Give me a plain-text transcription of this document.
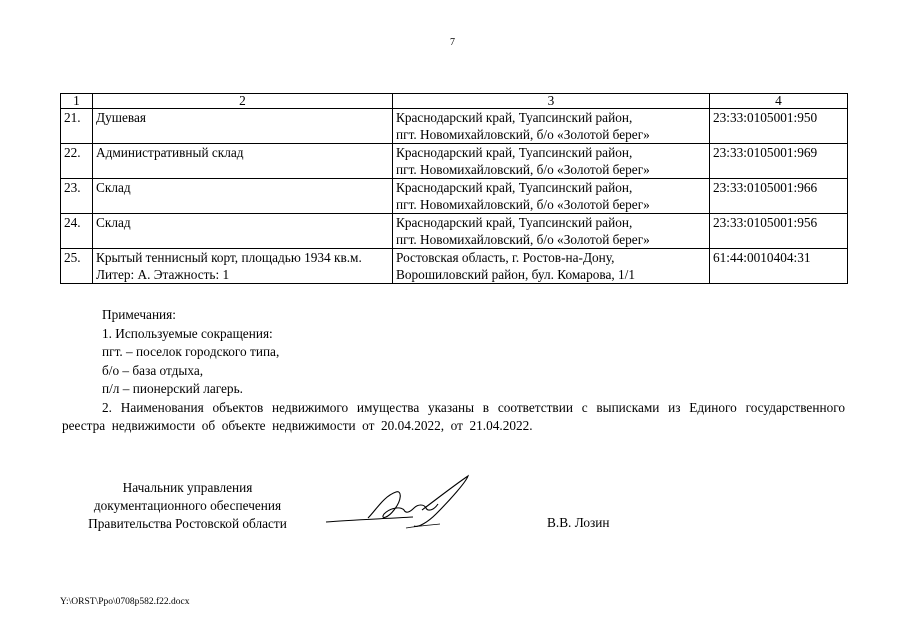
7
1	2	3	4
21.	Душевая	Краснодарский край, Туапсинский район,
пгт. Новомихайловский, б/о «Золотой берег»	23:33:0105001:950
22.	Административный склад	Краснодарский край, Туапсинский район,
пгт. Новомихайловский, б/о «Золотой берег»	23:33:0105001:969
23.	Склад	Краснодарский край, Туапсинский район,
пгт. Новомихайловский, б/о «Золотой берег»	23:33:0105001:966
24.	Склад	Краснодарский край, Туапсинский район,
пгт. Новомихайловский, б/о «Золотой берег»	23:33:0105001:956
25.	Крытый теннисный корт, площадью 1934 кв.м. Литер: А. Этажность: 1	Ростовская область, г. Ростов-на-Дону,
Ворошиловский район, бул. Комарова, 1/1	61:44:0010404:31
Примечания:
1. Используемые сокращения:
пгт. – поселок городского типа,
б/о – база отдыха,
п/л – пионерский лагерь.
2. Наименования объектов недвижимого имущества указаны в соответствии с выписками из Единого государственного реестра недвижимости об объекте недвижимости от 20.04.2022, от 21.04.2022.
Начальник управления
документационного обеспечения
Правительства Ростовской области	В.В. Лозин
Y:\ORST\Ppo\0708p582.f22.docx
